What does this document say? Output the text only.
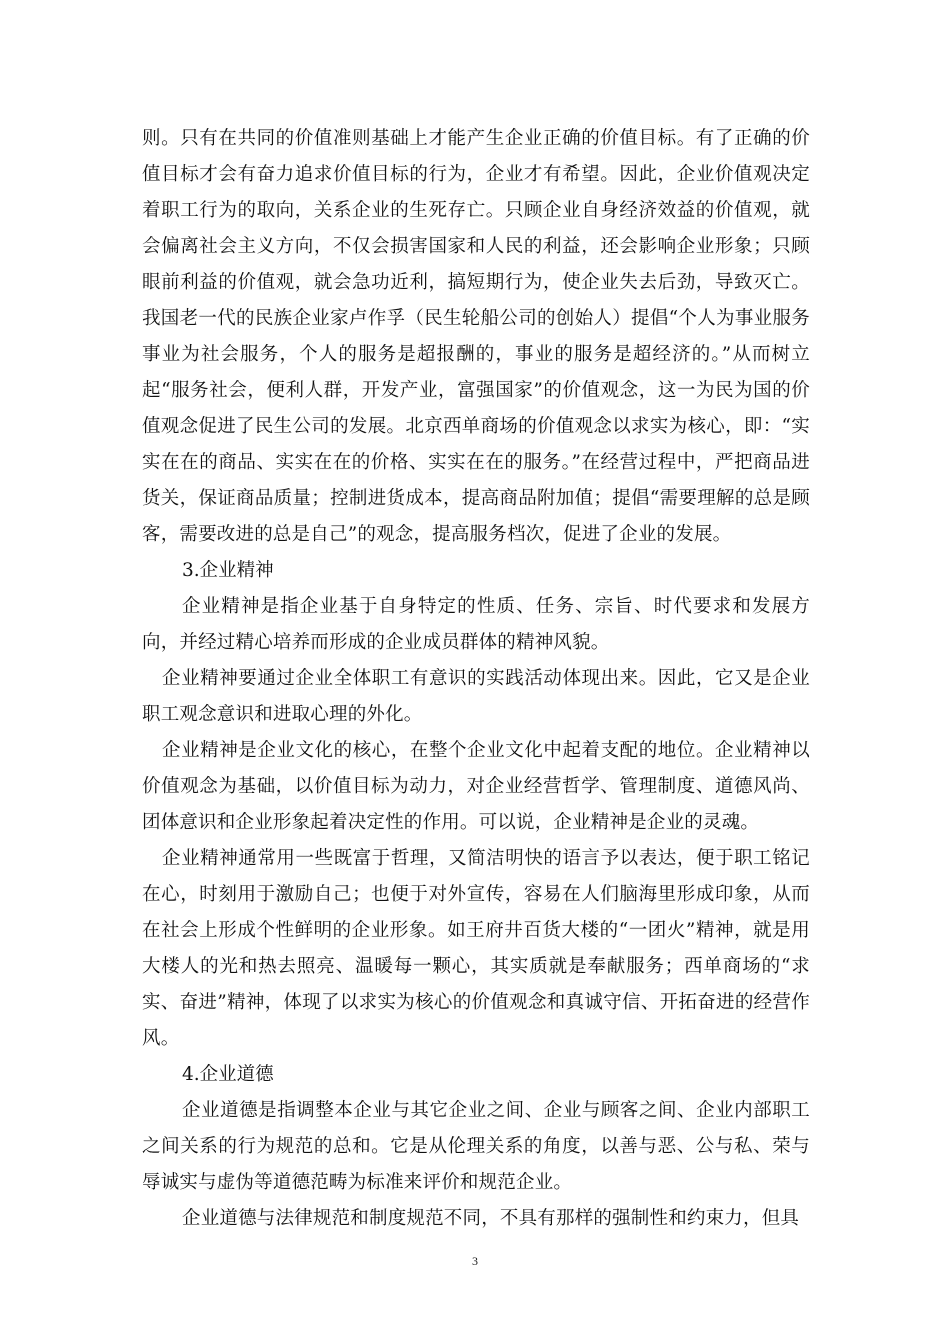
则。只有在共同的价值准则基础上才能产生企业正确的价值目标。有了正确的价值目标才会有奋力追求价值目标的行为，企业才有希望。因此，企业价值观决定着职工行为的取向，关系企业的生死存亡。只顾企业自身经济效益的价值观，就会偏离社会主义方向，不仅会损害国家和人民的利益，还会影响企业形象；只顾眼前利益的价值观，就会急功近利，搞短期行为，使企业失去后劲，导致灭亡。我国老一代的民族企业家卢作孚（民生轮船公司的创始人）提倡“个人为事业服务事业为社会服务，个人的服务是超报酬的，事业的服务是超经济的。”从而树立起“服务社会，便利人群，开发产业，富强国家”的价值观念，这一为民为国的价值观念促进了民生公司的发展。北京西单商场的价值观念以求实为核心，即：“实实在在的商品、实实在在的价格、实实在在的服务。”在经营过程中，严把商品进货关，保证商品质量；控制进货成本，提高商品附加值；提倡“需要理解的总是顾客，需要改进的总是自己”的观念，提高服务档次，促进了企业的发展。

3.企业精神

企业精神是指企业基于自身特定的性质、任务、宗旨、时代要求和发展方向，并经过精心培养而形成的企业成员群体的精神风貌。

企业精神要通过企业全体职工有意识的实践活动体现出来。因此，它又是企业职工观念意识和进取心理的外化。

企业精神是企业文化的核心，在整个企业文化中起着支配的地位。企业精神以价值观念为基础，以价值目标为动力，对企业经营哲学、管理制度、道德风尚、团体意识和企业形象起着决定性的作用。可以说，企业精神是企业的灵魂。

企业精神通常用一些既富于哲理，又简洁明快的语言予以表达，便于职工铭记在心，时刻用于激励自己；也便于对外宣传，容易在人们脑海里形成印象，从而在社会上形成个性鲜明的企业形象。如王府井百货大楼的“一团火”精神，就是用大楼人的光和热去照亮、温暖每一颗心，其实质就是奉献服务；西单商场的“求实、奋进”精神，体现了以求实为核心的价值观念和真诚守信、开拓奋进的经营作风。

4.企业道德

企业道德是指调整本企业与其它企业之间、企业与顾客之间、企业内部职工之间关系的行为规范的总和。它是从伦理关系的角度，以善与恶、公与私、荣与辱诚实与虚伪等道德范畴为标准来评价和规范企业。

企业道德与法律规范和制度规范不同，不具有那样的强制性和约束力，但具

3
